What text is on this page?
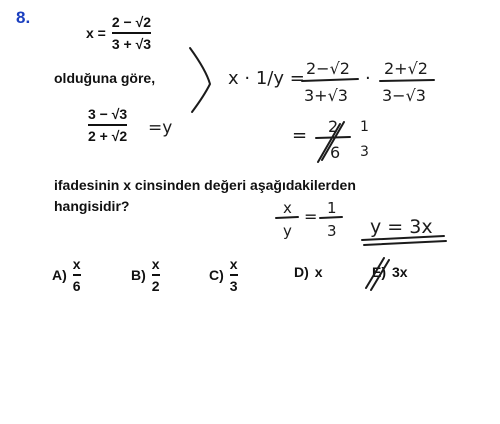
8.
$x = \frac{2 - √2}{3 + √3}$
olduğuna göre,
$\frac{3 - √3}{2 + √2}$
ifadesinin x cinsinden değeri aşağıdakilerden
hangisidir?
$A) \frac{x}{6}$	$B) \frac{x}{2}$	$C) \frac{x}{3}$	D) x	E) 3x
=y
x · 1/y = 2−√2
3+√3
· 2+√2
3−√3
= 2
6
1
3
x
y
= 1
3 y = 3x
